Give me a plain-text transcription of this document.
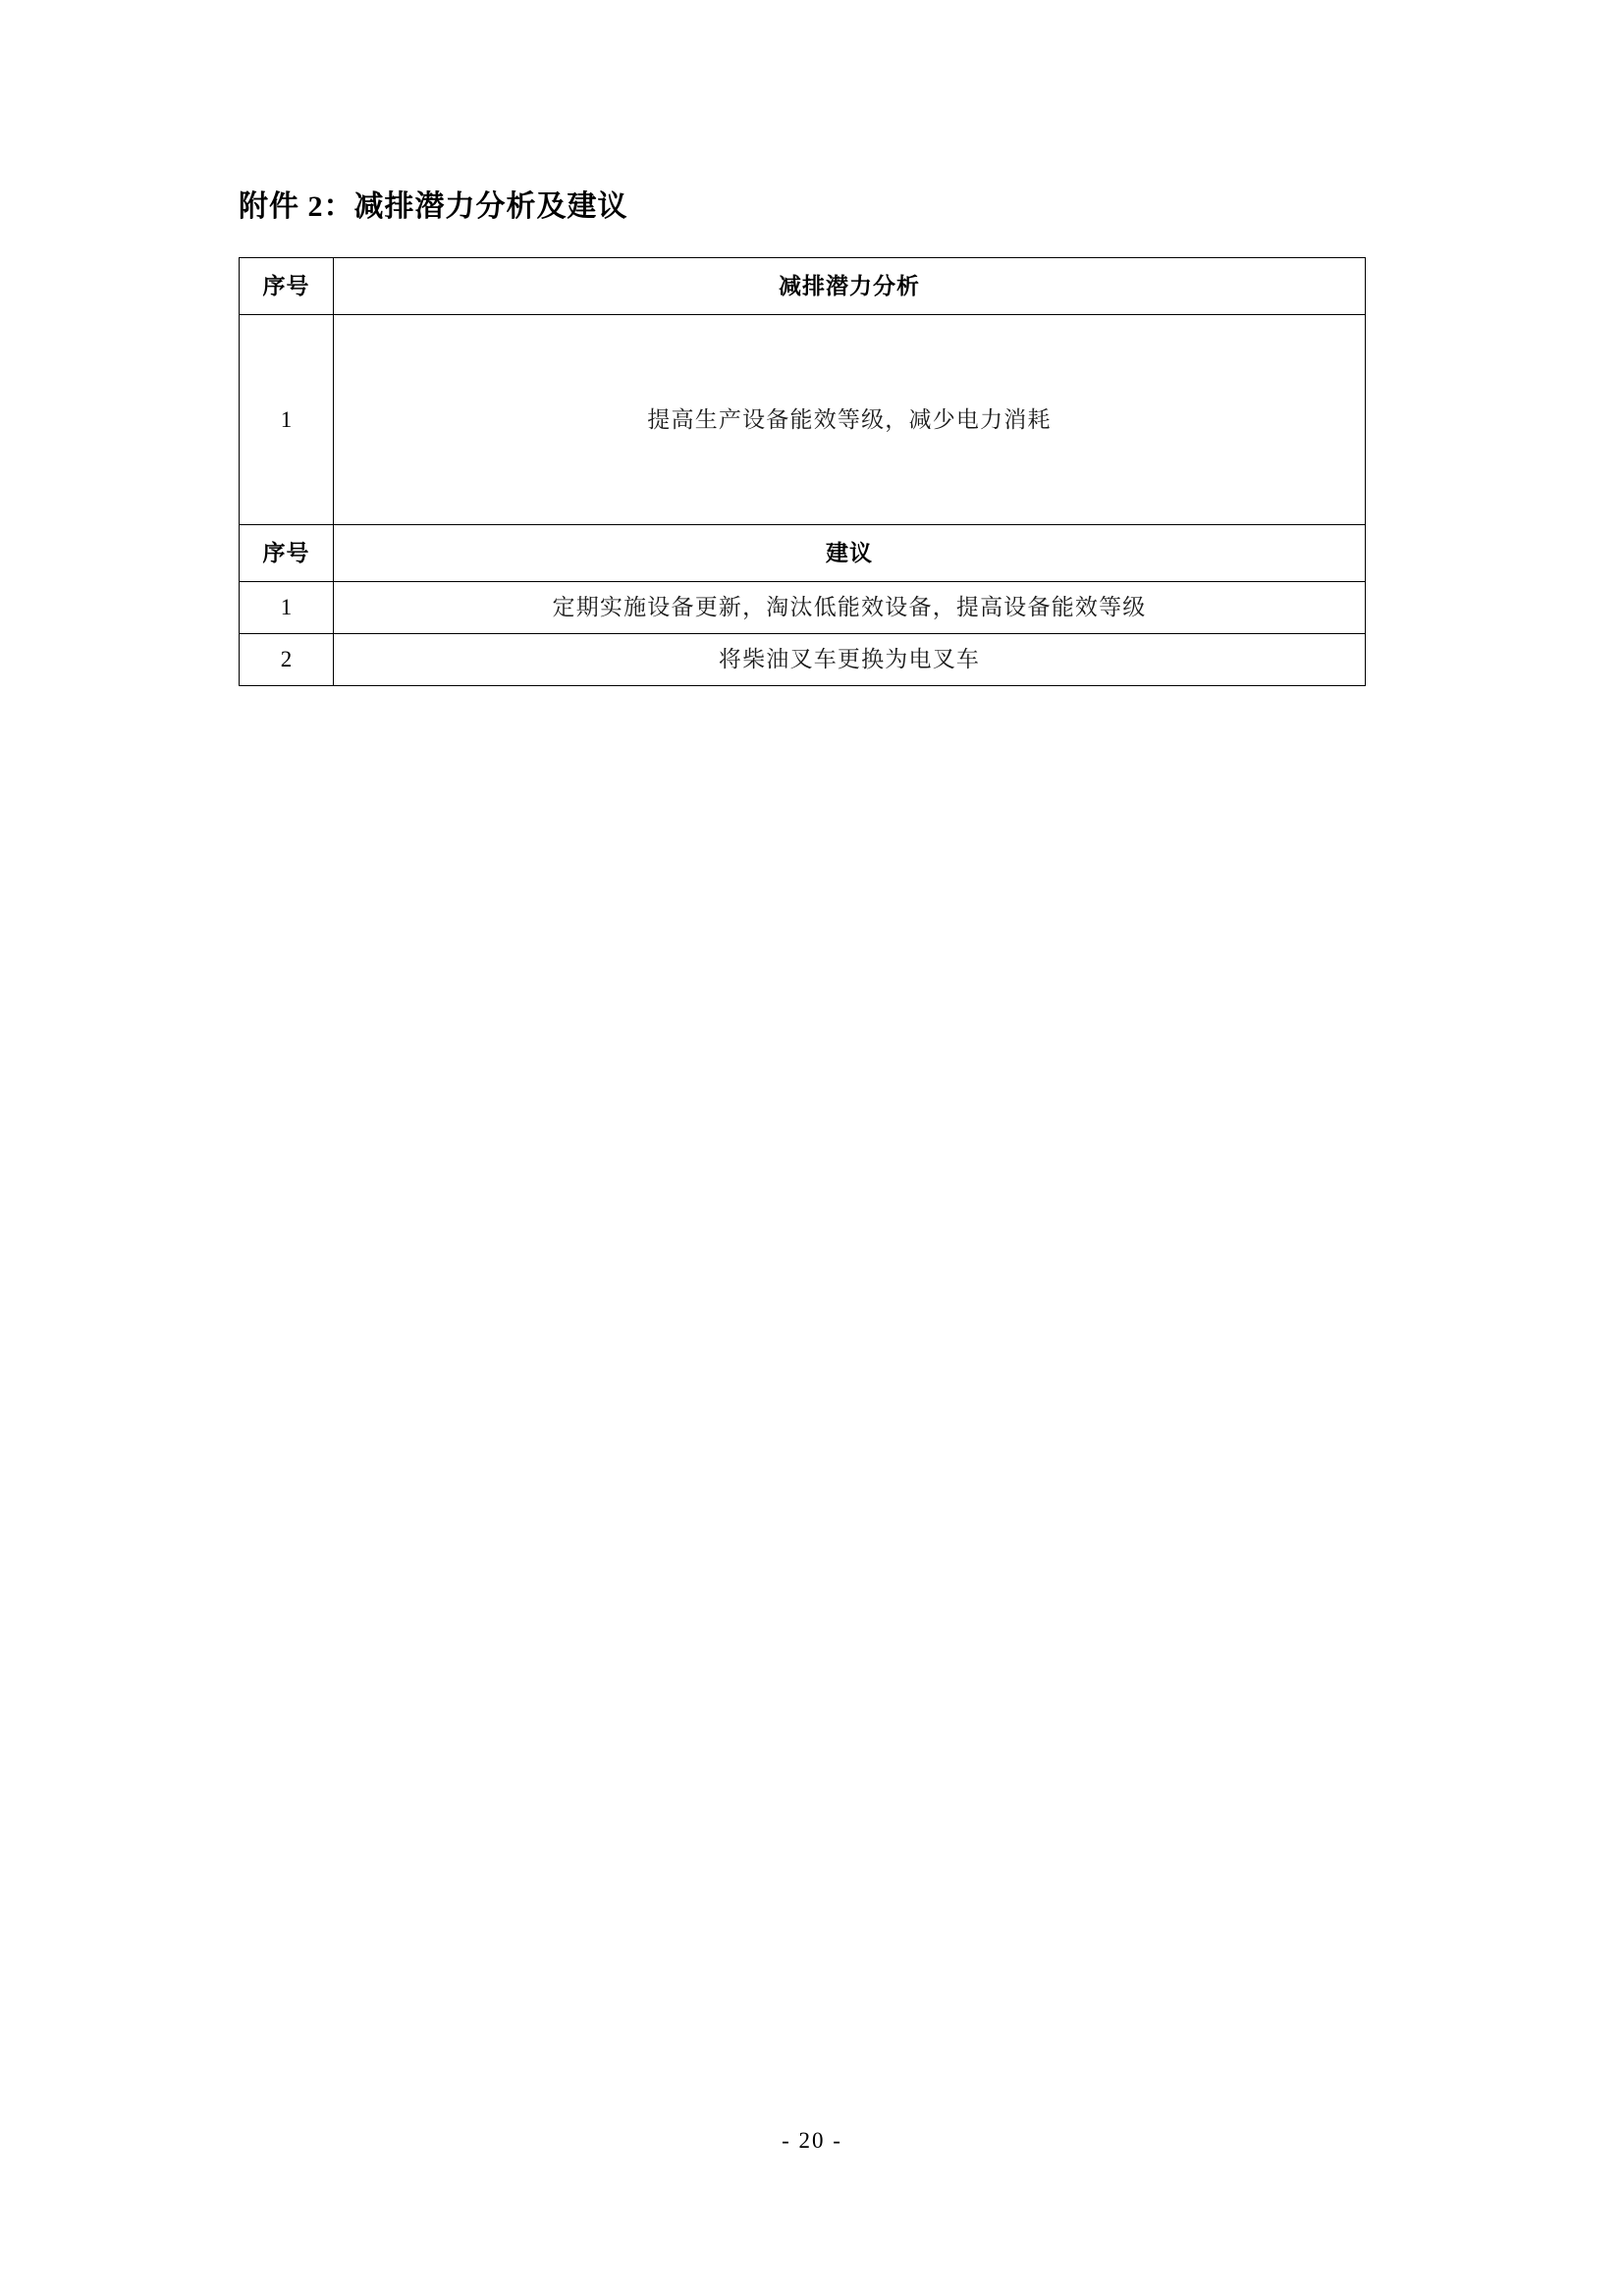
附件 2：减排潜力分析及建议
序号	减排潜力分析
1	提高生产设备能效等级，减少电力消耗
序号	建议
1	定期实施设备更新，淘汰低能效设备，提高设备能效等级
2	将柴油叉车更换为电叉车
- 20 -
